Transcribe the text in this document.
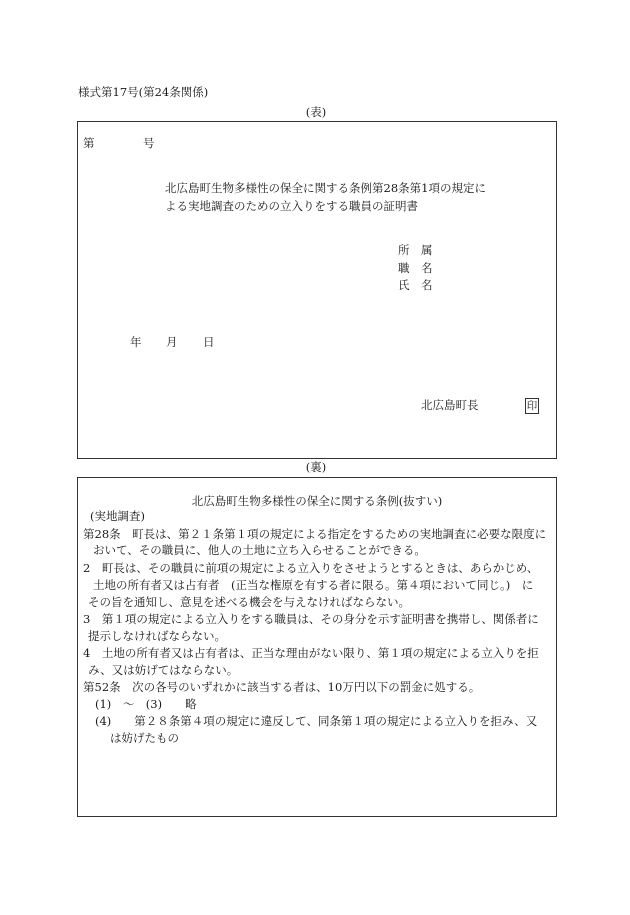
様式第17号(第24条関係)
(表)
第	号
北広島町生物多様性の保全に関する条例第28条第1項の規定に
よる実地調査のための立入りをする職員の証明書
所　属
職　名
氏　名
年 月 日
北広島町長	印
(裏)
北広島町生物多様性の保全に関する条例(抜すい)
(実地調査)
第28条　町長は、第２１条第１項の規定による指定をするための実地調査に必要な限度に
おいて、その職員に、他人の土地に立ち入らせることができる。
2　町長は、その職員に前項の規定による立入りをさせようとするときは、あらかじめ、
土地の所有者又は占有者　(正当な権原を有する者に限る。第４項において同じ。)　に
その旨を通知し、意見を述べる機会を与えなければならない。
3　第１項の規定による立入りをする職員は、その身分を示す証明書を携帯し、関係者に
提示しなければならない。
4　土地の所有者又は占有者は、正当な理由がない限り、第１項の規定による立入りを拒
み、又は妨げてはならない。
第52条　次の各号のいずれかに該当する者は、10万円以下の罰金に処する。
(1)　〜　(3)　　略
(4)　　第２８条第４項の規定に違反して、同条第１項の規定による立入りを拒み、又
は妨げたもの
